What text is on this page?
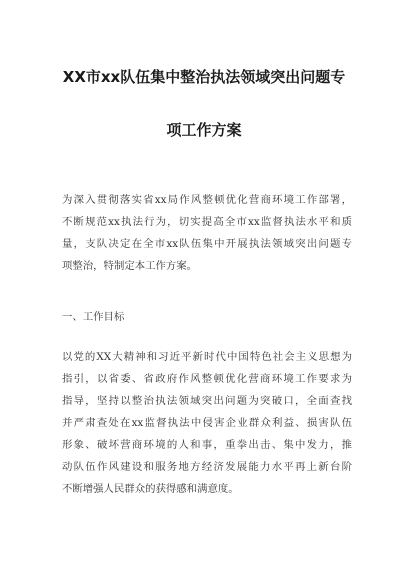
XX市xx队伍集中整治执法领域突出问题专
项工作方案
为深入贯彻落实省xx局作风整顿优化营商环境工作部署，
不断规范xx执法行为，切实提高全市xx监督执法水平和质
量，支队决定在全市xx队伍集中开展执法领域突出问题专
项整治，特制定本工作方案。
一、工作目标
以党的XX大精神和习近平新时代中国特色社会主义思想为
指引，以省委、省政府作风整顿优化营商环境工作要求为
指导，坚持以整治执法领域突出问题为突破口，全面查找
并严肃查处在xx监督执法中侵害企业群众利益、损害队伍
形象、破坏营商环境的人和事，重拳出击、集中发力，推
动队伍作风建设和服务地方经济发展能力水平再上新台阶
不断增强人民群众的获得感和满意度。
